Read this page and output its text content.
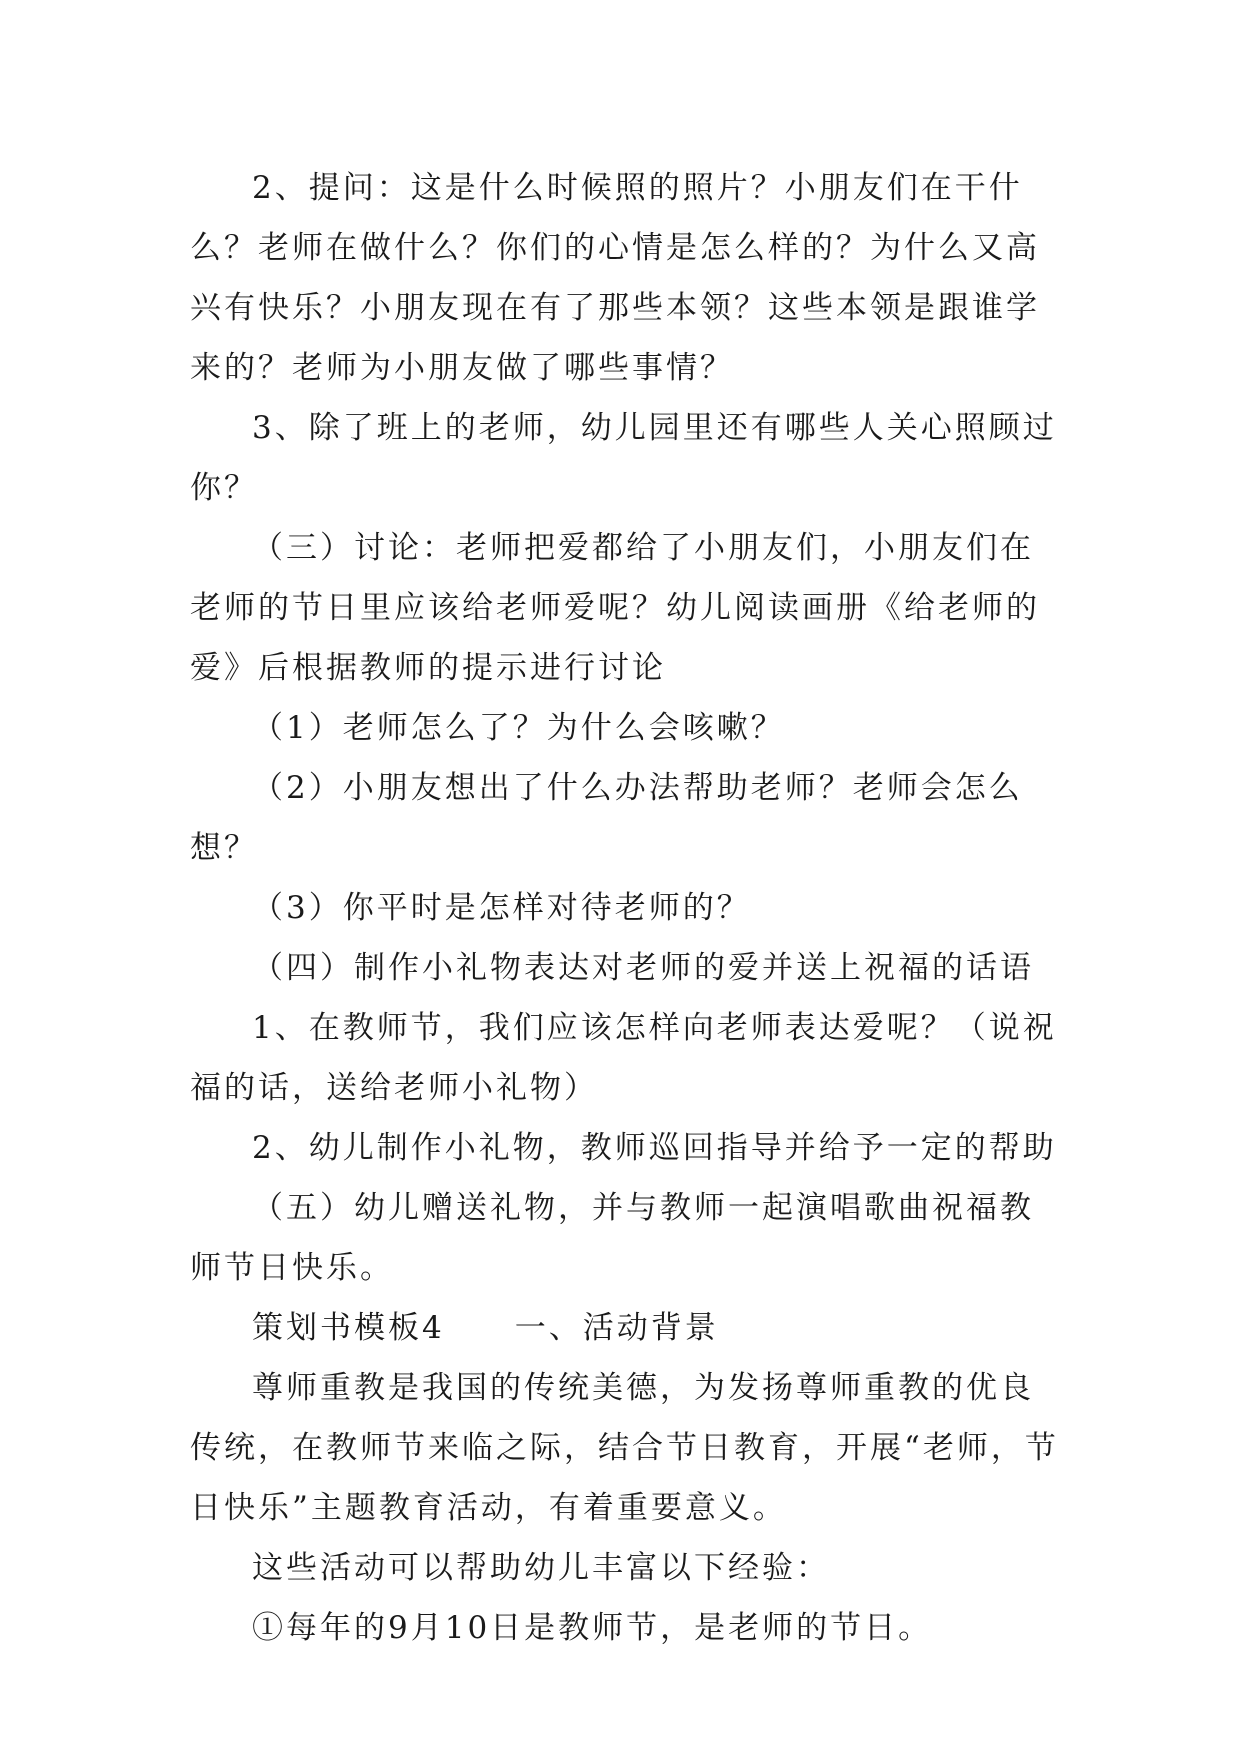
2、提问：这是什么时候照的照片？小朋友们在干什么？老师在做什么？你们的心情是怎么样的？为什么又高兴有快乐？小朋友现在有了那些本领？这些本领是跟谁学来的？老师为小朋友做了哪些事情？

3、除了班上的老师，幼儿园里还有哪些人关心照顾过你？

（三）讨论：老师把爱都给了小朋友们，小朋友们在老师的节日里应该给老师爱呢？幼儿阅读画册《给老师的爱》后根据教师的提示进行讨论

（1）老师怎么了？为什么会咳嗽？

（2）小朋友想出了什么办法帮助老师？老师会怎么想？

（3）你平时是怎样对待老师的？

（四）制作小礼物表达对老师的爱并送上祝福的话语

1、在教师节，我们应该怎样向老师表达爱呢？（说祝福的话，送给老师小礼物）

2、幼儿制作小礼物，教师巡回指导并给予一定的帮助

（五）幼儿赠送礼物，并与教师一起演唱歌曲祝福教师节日快乐。

策划书模板4 一、活动背景

尊师重教是我国的传统美德，为发扬尊师重教的优良传统，在教师节来临之际，结合节日教育，开展“老师，节日快乐”主题教育活动，有着重要意义。

这些活动可以帮助幼儿丰富以下经验：

①每年的9月10日是教师节，是老师的节日。
